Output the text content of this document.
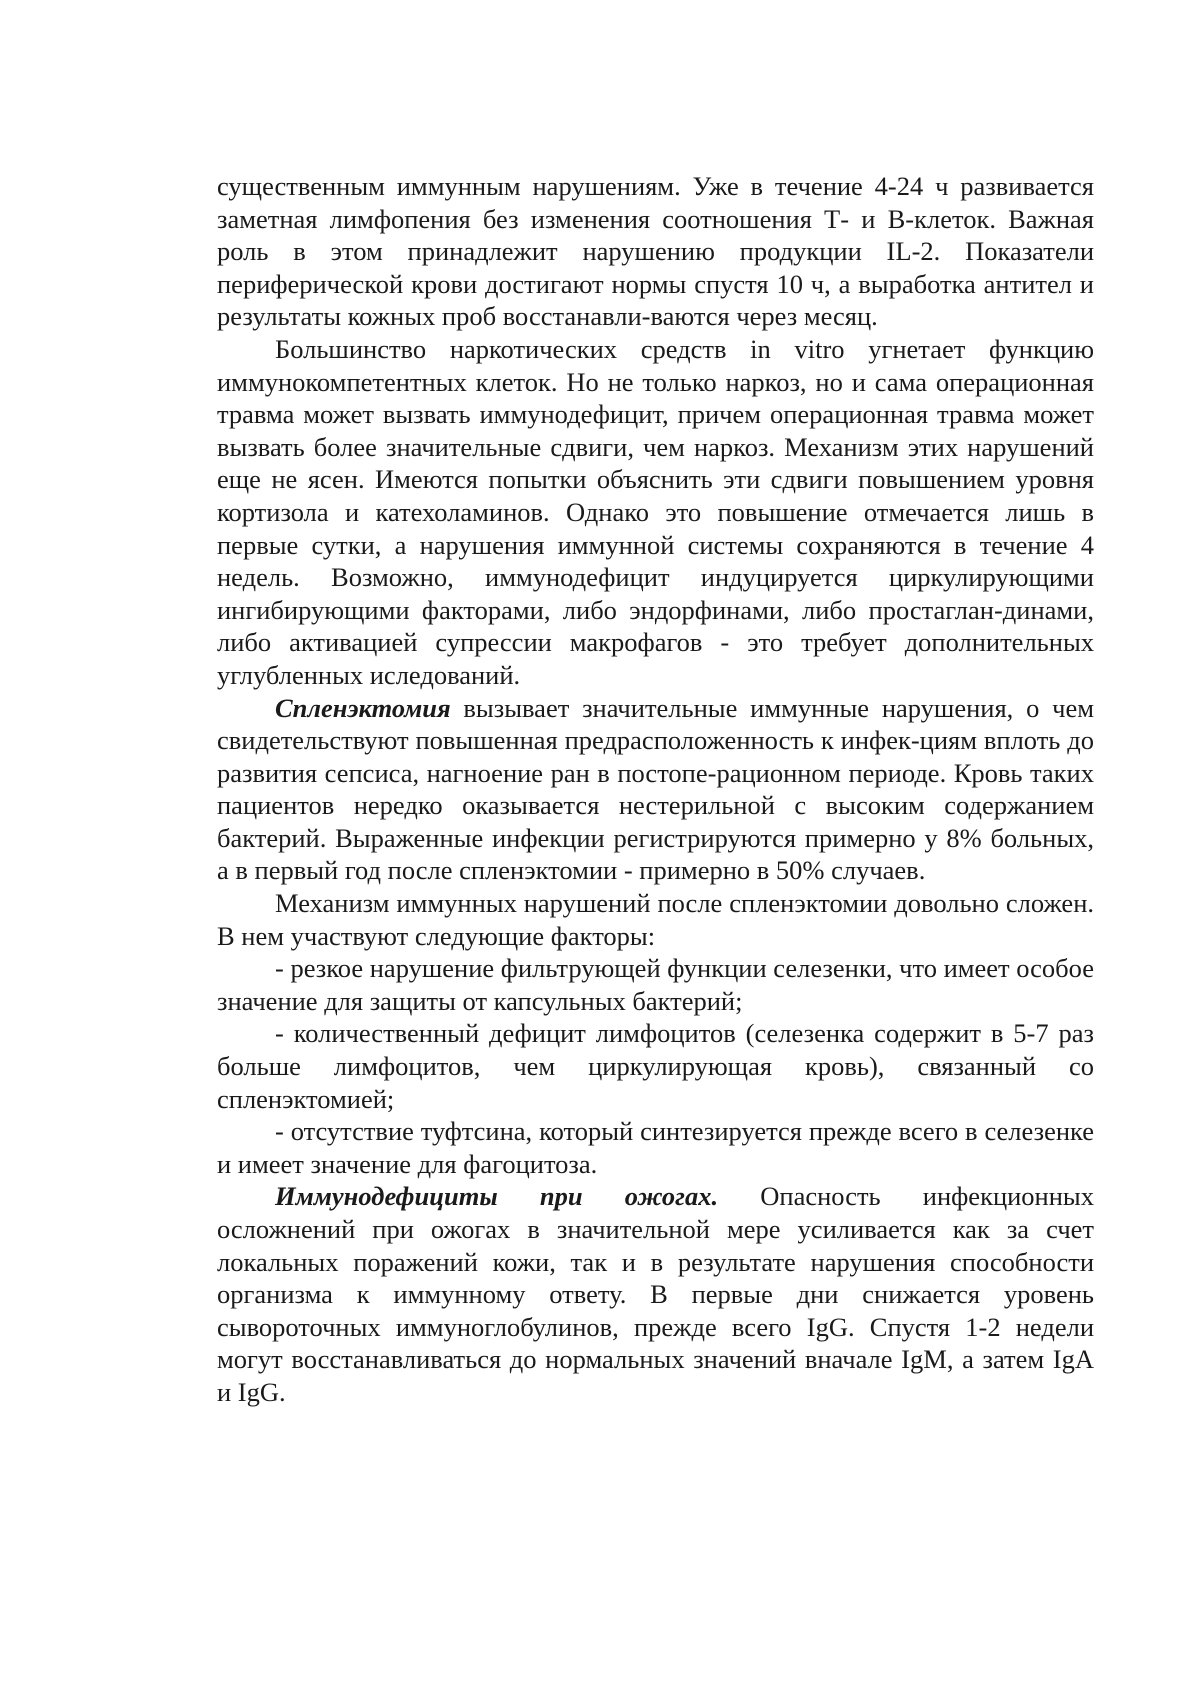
существенным иммунным нарушениям. Уже в течение 4-24 ч развивается заметная лимфопения без изменения соотношения Т- и В-клеток. Важная роль в этом принадлежит нарушению продукции IL-2. Показатели периферической крови достигают нормы спустя 10 ч, а выработка антител и результаты кожных проб восстанавли-ваются через месяц.

Большинство наркотических средств in vitro угнетает функцию иммунокомпетентных клеток. Но не только наркоз, но и сама операционная травма может вызвать иммунодефицит, причем операционная травма может вызвать более значительные сдвиги, чем наркоз. Механизм этих нарушений еще не ясен. Имеются попытки объяснить эти сдвиги повышением уровня кортизола и катехоламинов. Однако это повышение отмечается лишь в первые сутки, а нарушения иммунной системы сохраняются в течение 4 недель. Возможно, иммунодефицит индуцируется циркулирующими ингибирующими факторами, либо эндорфинами, либо простаглан-динами, либо активацией супрессии макрофагов - это требует дополнительных углубленных иследований.

Спленэктомия вызывает значительные иммунные нарушения, о чем свидетельствуют повышенная предрасположенность к инфек-циям вплоть до развития сепсиса, нагноение ран в постопе-рационном периоде. Кровь таких пациентов нередко оказывается нестерильной с высоким содержанием бактерий. Выраженные инфекции регистрируются примерно у 8% больных, а в первый год после спленэктомии - примерно в 50% случаев.

Механизм иммунных нарушений после спленэктомии довольно сложен. В нем участвуют следующие факторы:

- резкое нарушение фильтрующей функции селезенки, что имеет особое значение для защиты от капсульных бактерий;

- количественный дефицит лимфоцитов (селезенка содержит в 5-7 раз больше лимфоцитов, чем циркулирующая кровь), связанный со спленэктомией;

- отсутствие туфтсина, который синтезируется прежде всего в селезенке и имеет значение для фагоцитоза.

Иммунодефициты при ожогах. Опасность инфекционных осложнений при ожогах в значительной мере усиливается как за счет локальных поражений кожи, так и в результате нарушения способности организма к иммунному ответу. В первые дни снижается уровень сывороточных иммуноглобулинов, прежде всего IgG. Спустя 1-2 недели могут восстанавливаться до нормальных значений вначале IgM, а затем IgA и IgG.
